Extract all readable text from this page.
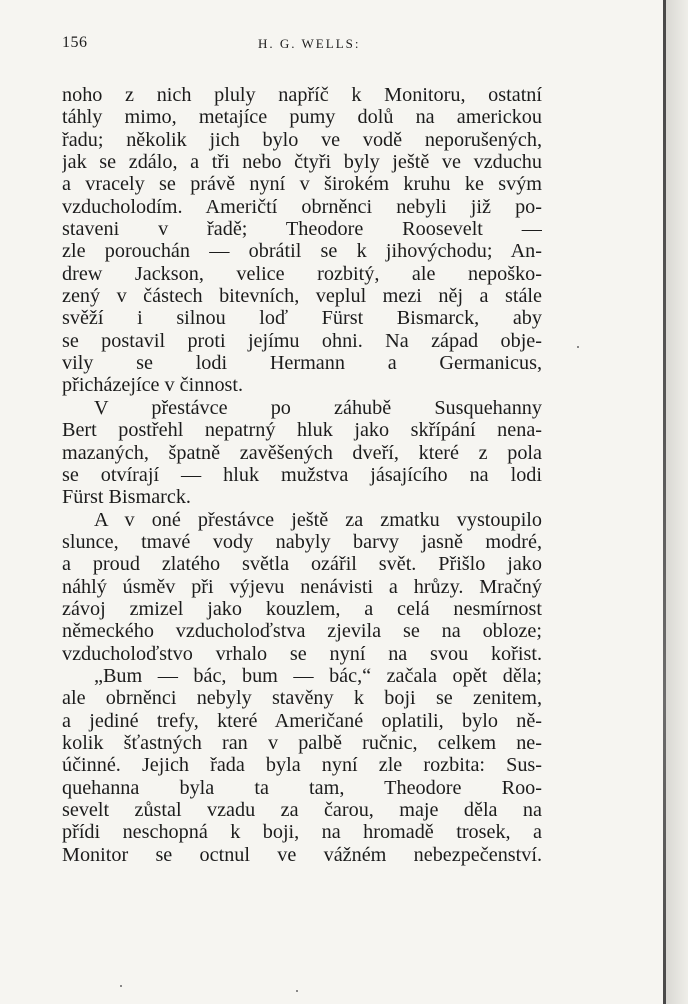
156	H. G. WELLS:
noho z nich pluly napříč k Monitoru, ostatní
táhly mimo, metajíce pumy dolů na americkou
řadu; několik jich bylo ve vodě neporušených,
jak se zdálo, a tři nebo čtyři byly ještě ve vzduchu
a vracely se právě nyní v širokém kruhu ke svým
vzducholodím. Američtí obrněnci nebyli již po-
staveni v řadě; Theodore Roosevelt —
zle porouchán — obrátil se k jihovýchodu; An-
drew Jackson, velice rozbitý, ale nepoško-
zený v částech bitevních, veplul mezi něj a stále
svěží i silnou loď Fürst Bismarck, aby
se postavil proti jejímu ohni. Na západ obje-
vily se lodi Hermann a Germanicus,
přicházejíce v činnost.
V přestávce po záhubě Susquehanny
Bert postřehl nepatrný hluk jako skřípání nena-
mazaných, špatně zavěšených dveří, které z pola
se otvírají — hluk mužstva jásajícího na lodi
Fürst Bismarck.
A v oné přestávce ještě za zmatku vystoupilo
slunce, tmavé vody nabyly barvy jasně modré,
a proud zlatého světla ozářil svět. Přišlo jako
náhlý úsměv při výjevu nenávisti a hrůzy. Mračný
závoj zmizel jako kouzlem, a celá nesmírnost
německého vzducholoďstva zjevila se na obloze;
vzducholoďstvo vrhalo se nyní na svou kořist.
„Bum — bác, bum — bác,“ začala opět děla;
ale obrněnci nebyly stavěny k boji se zenitem,
a jediné trefy, které Američané oplatili, bylo ně-
kolik šťastných ran v palbě ručnic, celkem ne-
účinné. Jejich řada byla nyní zle rozbita: Sus-
quehanna byla ta tam, Theodore Roo-
sevelt zůstal vzadu za čarou, maje děla na
přídi neschopná k boji, na hromadě trosek, a
Monitor se octnul ve vážném nebezpečenství.
